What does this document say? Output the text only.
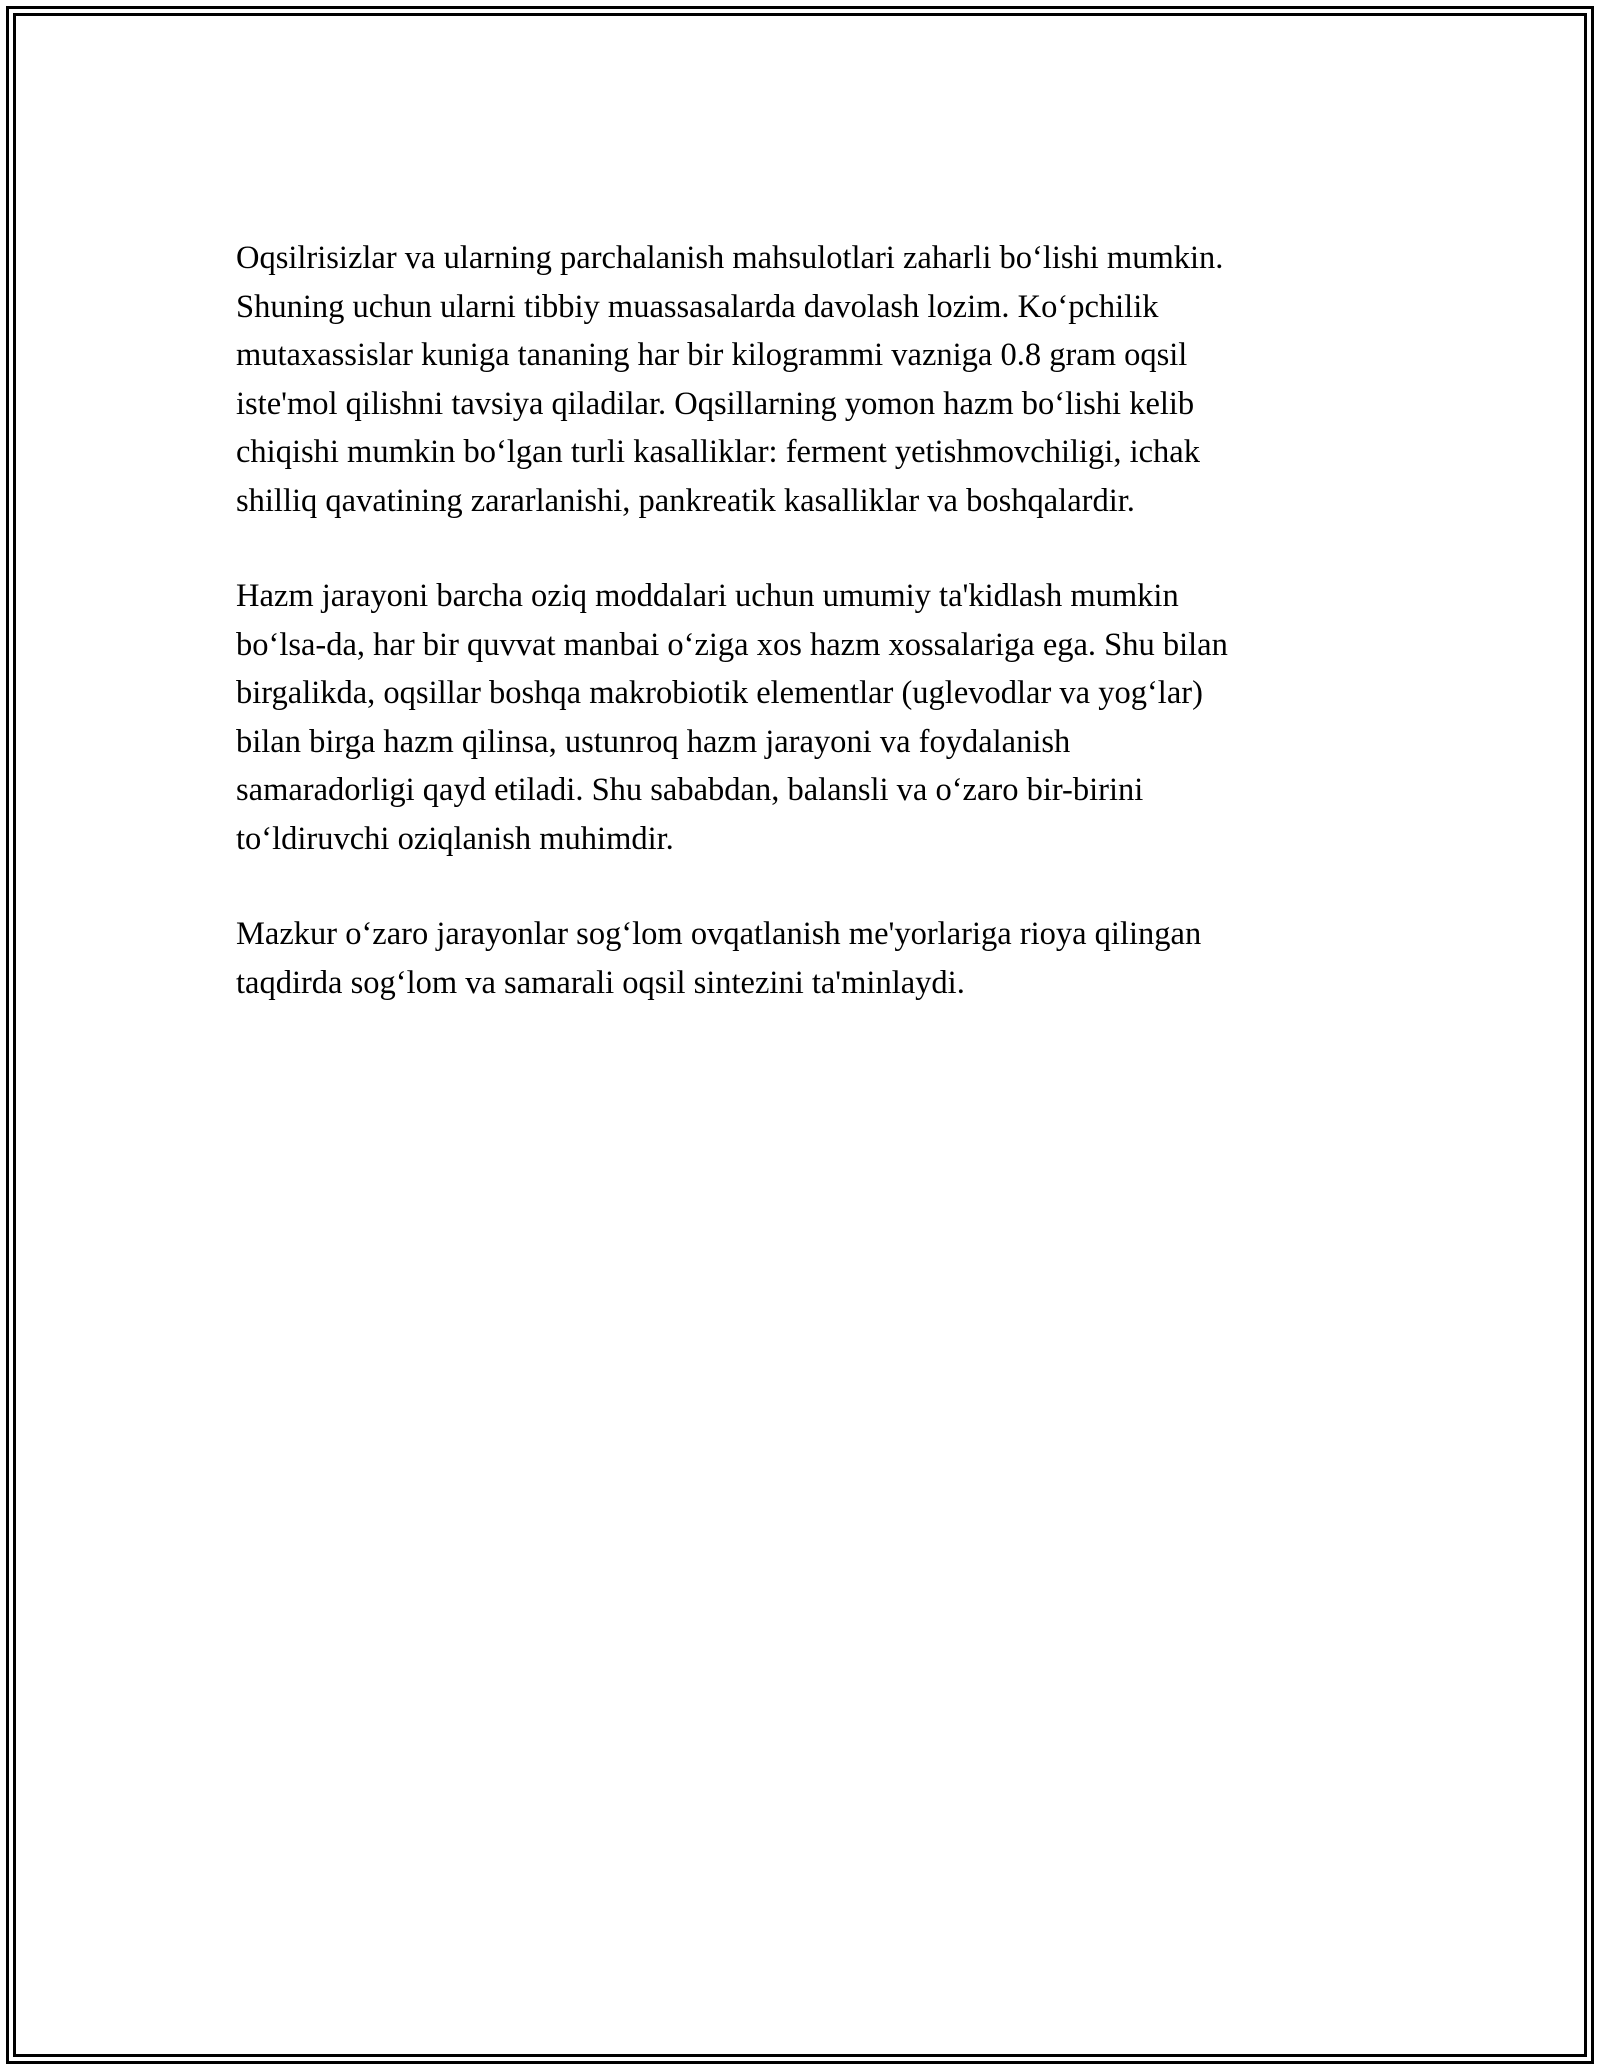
Oqsilrisizlar va ularning parchalanish mahsulotlari zaharli bo‘lishi mumkin.
Shuning uchun ularni tibbiy muassasalarda davolash lozim. Ko‘pchilik
mutaxassislar kuniga tananing har bir kilogrammi vazniga 0.8 gram oqsil
iste'mol qilishni tavsiya qiladilar. Oqsillarning yomon hazm bo‘lishi kelib
chiqishi mumkin bo‘lgan turli kasalliklar: ferment yetishmovchiligi, ichak
shilliq qavatining zararlanishi, pankreatik kasalliklar va boshqalardir.

Hazm jarayoni barcha oziq moddalari uchun umumiy ta'kidlash mumkin
bo‘lsa-da, har bir quvvat manbai o‘ziga xos hazm xossalariga ega. Shu bilan
birgalikda, oqsillar boshqa makrobiotik elementlar (uglevodlar va yog‘lar)
bilan birga hazm qilinsa, ustunroq hazm jarayoni va foydalanish
samaradorligi qayd etiladi. Shu sababdan, balansli va o‘zaro bir-birini
to‘ldiruvchi oziqlanish muhimdir.

Mazkur o‘zaro jarayonlar sog‘lom ovqatlanish me'yorlariga rioya qilingan
taqdirda sog‘lom va samarali oqsil sintezini ta'minlaydi.
